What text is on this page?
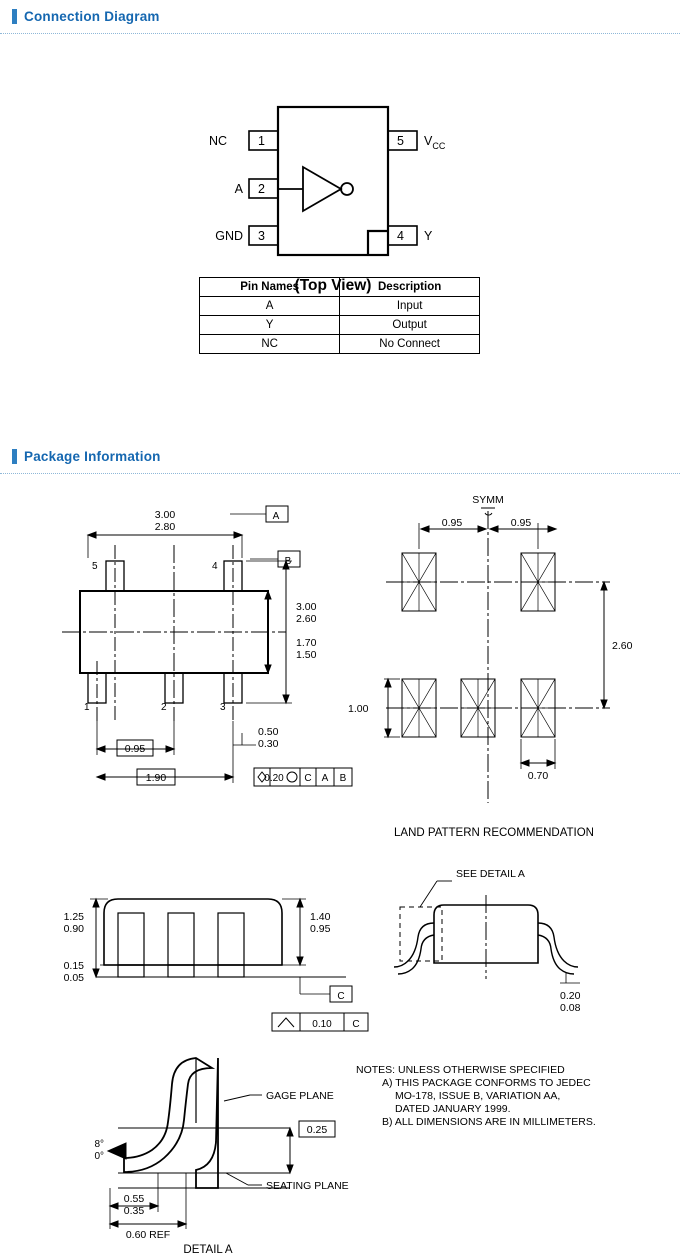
Connection Diagram
1
2
3
5
4
NC
A
GND
$V_{CC}$
Y
(Top View)
Pin Names	Description
A	Input
Y	Output
NC	No Connect
Package Information
3.00
2.80
A
B
3.00
2.60
1.70
1.50
5	4
1	2	3
0.95
1.90
0.50
0.30
0.20 C A B
SYMM
0.95	0.95
2.60
1.00
0.70
LAND PATTERN RECOMMENDATION
1.25
0.90
0.15
0.05
1.40
0.95
C
0.10 C
SEE DETAIL A
0.20
0.08
NOTES: UNLESS OTHERWISE SPECIFIED
A) THIS PACKAGE CONFORMS TO JEDEC
MO-178, ISSUE B, VARIATION AA,
DATED JANUARY 1999.
B) ALL DIMENSIONS ARE IN MILLIMETERS.
0.25
GAGE PLANE
SEATING PLANE
8°
0°
0.55
0.35
0.60 REF
DETAIL A
